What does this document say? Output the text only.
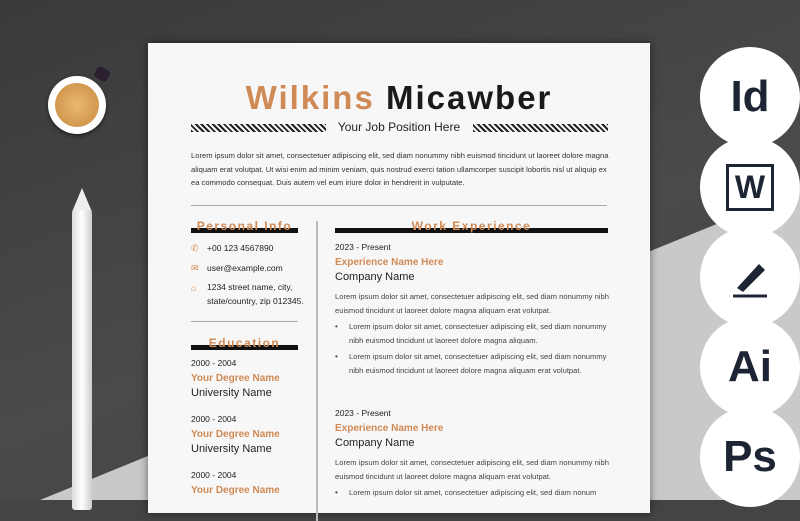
Wilkins Micawber
Your Job Position Here
Lorem ipsum dolor sit amet, consectetuer adipiscing elit, sed diam nonummy nibh euismod tincidunt ut laoreet dolore magna aliquam erat volutpat. Ut wisi enim ad minim veniam, quis nostrud exerci tation ullamcorper suscipit lobortis nisl ut aliquip ex ea commodo consequat. Duis autem vel eum iriure dolor in hendrerit in vulputate.
Personal Info
✆ +00 123 4567890
✉ user@example.com
⌂ 1234 street name, city,
state/country, zip 012345.
Education
2000 - 2004
Your Degree Name
University Name
2000 - 2004
Your Degree Name
University Name
2000 - 2004
Your Degree Name
Work Experience
2023 - Present
Experience Name Here
Company Name
Lorem ipsum dolor sit amet, consectetuer adipiscing elit, sed diam nonummy nibh euismod tincidunt ut laoreet dolore magna aliquam erat volutpat.
•	Lorem ipsum dolor sit amet, consectetuer adipiscing elit, sed diam nonummy nibh euismod tincidunt ut laoreet dolore magna aliquam.
•	Lorem ipsum dolor sit amet, consectetuer adipiscing elit, sed diam nonummy nibh euismod tincidunt ut laoreet dolore magna aliquam erat volutpat.
2023 - Present
Experience Name Here
Company Name
Lorem ipsum dolor sit amet, consectetuer adipiscing elit, sed diam nonummy nibh euismod tincidunt ut laoreet dolore magna aliquam erat volutpat.
•	Lorem ipsum dolor sit amet, consectetuer adipiscing elit, sed diam nonum
Id
W
Ai
Ps
